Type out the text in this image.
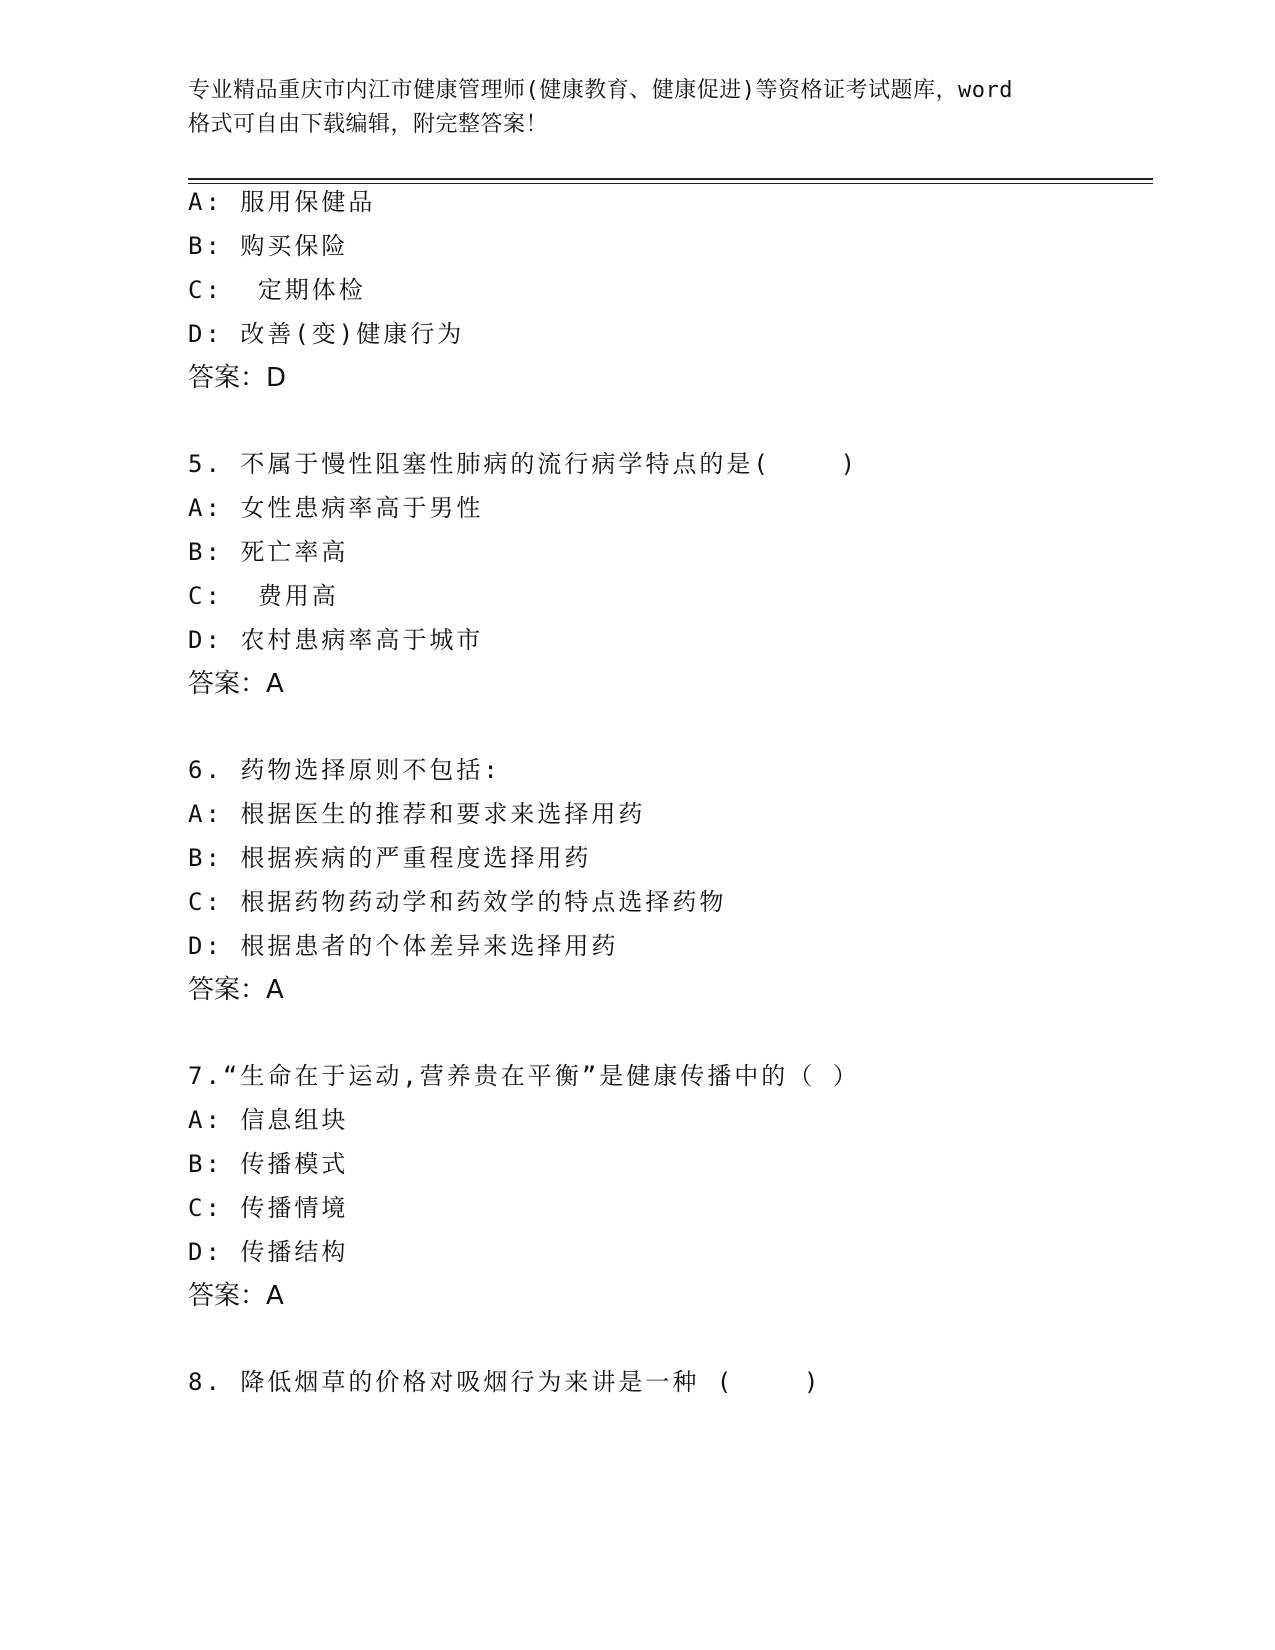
专业精品重庆市内江市健康管理师(健康教育、健康促进)等资格证考试题库，word
格式可自由下载编辑，附完整答案！
A: 服用保健品
B: 购买保险
C:  定期体检
D: 改善(变)健康行为
答案：D
5. 不属于慢性阻塞性肺病的流行病学特点的是(    )
A: 女性患病率高于男性
B: 死亡率高
C:  费用高
D: 农村患病率高于城市
答案：A
6. 药物选择原则不包括:
A: 根据医生的推荐和要求来选择用药
B: 根据疾病的严重程度选择用药
C: 根据药物药动学和药效学的特点选择药物
D: 根据患者的个体差异来选择用药
答案：A
7.“生命在于运动,营养贵在平衡”是健康传播中的（ ）
A: 信息组块
B: 传播模式
C: 传播情境
D: 传播结构
答案：A
8. 降低烟草的价格对吸烟行为来讲是一种 (    )
